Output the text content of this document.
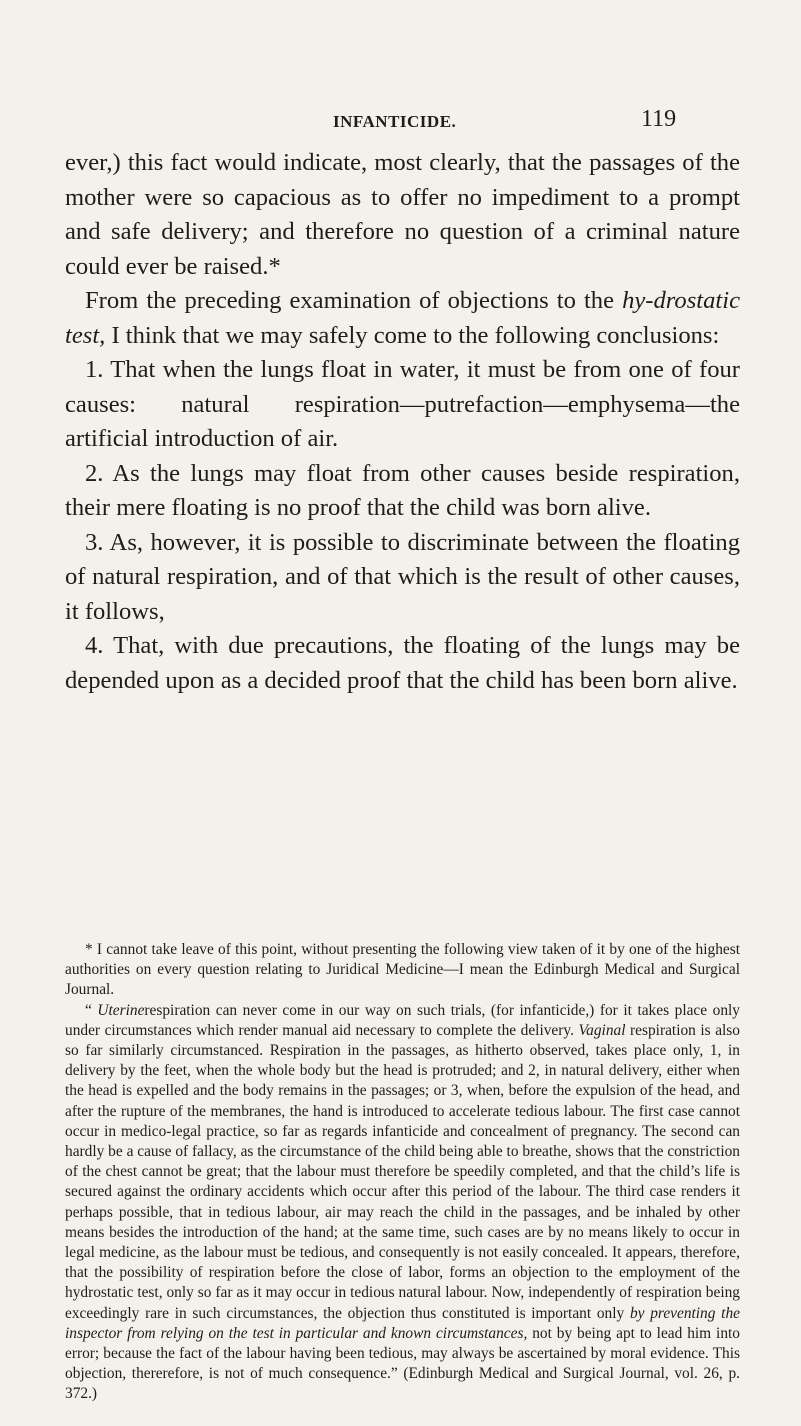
INFANTICIDE.	119

ever,) this fact would indicate, most clearly, that the passages of the mother were so capacious as to offer no impediment to a prompt and safe delivery; and therefore no question of a criminal nature could ever be raised.*

From the preceding examination of objections to the hy-drostatic test, I think that we may safely come to the following conclusions:

1. That when the lungs float in water, it must be from one of four causes: natural respiration—putrefaction—emphysema—the artificial introduction of air.

2. As the lungs may float from other causes beside respiration, their mere floating is no proof that the child was born alive.

3. As, however, it is possible to discriminate between the floating of natural respiration, and of that which is the result of other causes, it follows,

4. That, with due precautions, the floating of the lungs may be depended upon as a decided proof that the child has been born alive.

* I cannot take leave of this point, without presenting the following view taken of it by one of the highest authorities on every question relating to Juridical Medicine—I mean the Edinburgh Medical and Surgical Journal.

“ Uterinerespiration can never come in our way on such trials, (for infanticide,) for it takes place only under circumstances which render manual aid necessary to complete the delivery. Vaginal respiration is also so far similarly circumstanced. Respiration in the passages, as hitherto observed, takes place only, 1, in delivery by the feet, when the whole body but the head is protruded; and 2, in natural delivery, either when the head is expelled and the body remains in the passages; or 3, when, before the expulsion of the head, and after the rupture of the membranes, the hand is introduced to accelerate tedious labour. The first case cannot occur in medico-legal practice, so far as regards infanticide and concealment of pregnancy. The second can hardly be a cause of fallacy, as the circumstance of the child being able to breathe, shows that the constriction of the chest cannot be great; that the labour must therefore be speedily completed, and that the child’s life is secured against the ordinary accidents which occur after this period of the labour. The third case renders it perhaps possible, that in tedious labour, air may reach the child in the passages, and be inhaled by other means besides the introduction of the hand; at the same time, such cases are by no means likely to occur in legal medicine, as the labour must be tedious, and consequently is not easily concealed. It appears, therefore, that the possibility of respiration before the close of labor, forms an objection to the employment of the hydrostatic test, only so far as it may occur in tedious natural labour. Now, independently of respiration being exceedingly rare in such circumstances, the objection thus constituted is important only by preventing the inspector from relying on the test in particular and known circumstances, not by being apt to lead him into error; because the fact of the labour having been tedious, may always be ascertained by moral evidence. This objection, thererefore, is not of much consequence.” (Edinburgh Medical and Surgical Journal, vol. 26, p. 372.)
